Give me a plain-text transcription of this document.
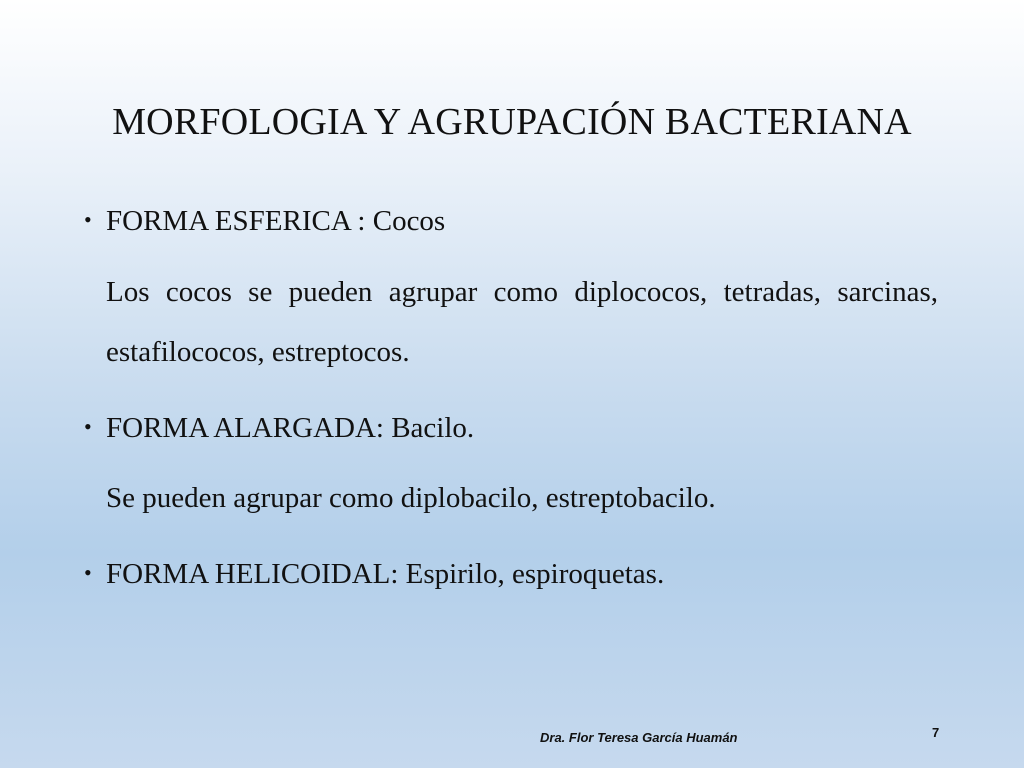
MORFOLOGIA Y AGRUPACIÓN BACTERIANA
• FORMA ESFERICA : Cocos
Los cocos se pueden agrupar como diplococos, tetradas, sarcinas, estafilococos, estreptocos.
• FORMA ALARGADA: Bacilo.
Se pueden agrupar como diplobacilo, estreptobacilo.
• FORMA HELICOIDAL: Espirilo, espiroquetas.
Dra. Flor Teresa García Huamán	7
